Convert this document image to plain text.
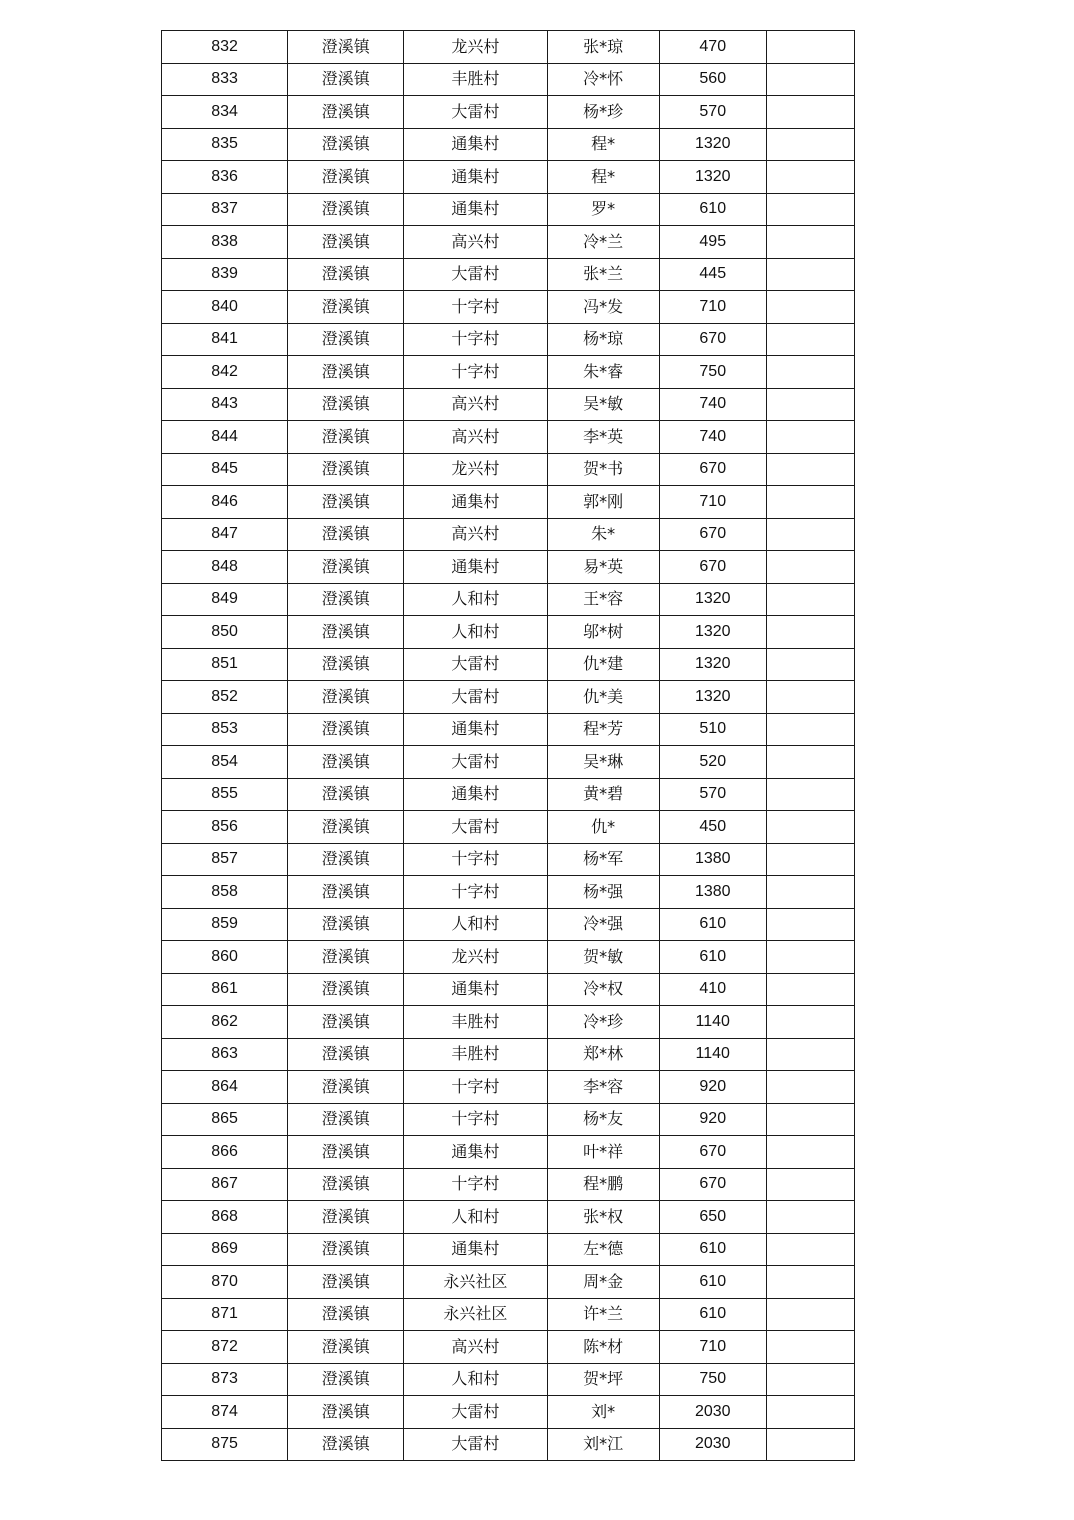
832	澄溪镇	龙兴村	张*琼	470	
833	澄溪镇	丰胜村	冷*怀	560	
834	澄溪镇	大雷村	杨*珍	570	
835	澄溪镇	通集村	程*	1320	
836	澄溪镇	通集村	程*	1320	
837	澄溪镇	通集村	罗*	610	
838	澄溪镇	高兴村	冷*兰	495	
839	澄溪镇	大雷村	张*兰	445	
840	澄溪镇	十字村	冯*发	710	
841	澄溪镇	十字村	杨*琼	670	
842	澄溪镇	十字村	朱*睿	750	
843	澄溪镇	高兴村	吴*敏	740	
844	澄溪镇	高兴村	李*英	740	
845	澄溪镇	龙兴村	贺*书	670	
846	澄溪镇	通集村	郭*刚	710	
847	澄溪镇	高兴村	朱*	670	
848	澄溪镇	通集村	易*英	670	
849	澄溪镇	人和村	王*容	1320	
850	澄溪镇	人和村	邬*树	1320	
851	澄溪镇	大雷村	仇*建	1320	
852	澄溪镇	大雷村	仇*美	1320	
853	澄溪镇	通集村	程*芳	510	
854	澄溪镇	大雷村	吴*琳	520	
855	澄溪镇	通集村	黄*碧	570	
856	澄溪镇	大雷村	仇*	450	
857	澄溪镇	十字村	杨*军	1380	
858	澄溪镇	十字村	杨*强	1380	
859	澄溪镇	人和村	冷*强	610	
860	澄溪镇	龙兴村	贺*敏	610	
861	澄溪镇	通集村	冷*权	410	
862	澄溪镇	丰胜村	冷*珍	1140	
863	澄溪镇	丰胜村	郑*林	1140	
864	澄溪镇	十字村	李*容	920	
865	澄溪镇	十字村	杨*友	920	
866	澄溪镇	通集村	叶*祥	670	
867	澄溪镇	十字村	程*鹏	670	
868	澄溪镇	人和村	张*权	650	
869	澄溪镇	通集村	左*德	610	
870	澄溪镇	永兴社区	周*金	610	
871	澄溪镇	永兴社区	许*兰	610	
872	澄溪镇	高兴村	陈*材	710	
873	澄溪镇	人和村	贺*坪	750	
874	澄溪镇	大雷村	刘*	2030	
875	澄溪镇	大雷村	刘*江	2030	
